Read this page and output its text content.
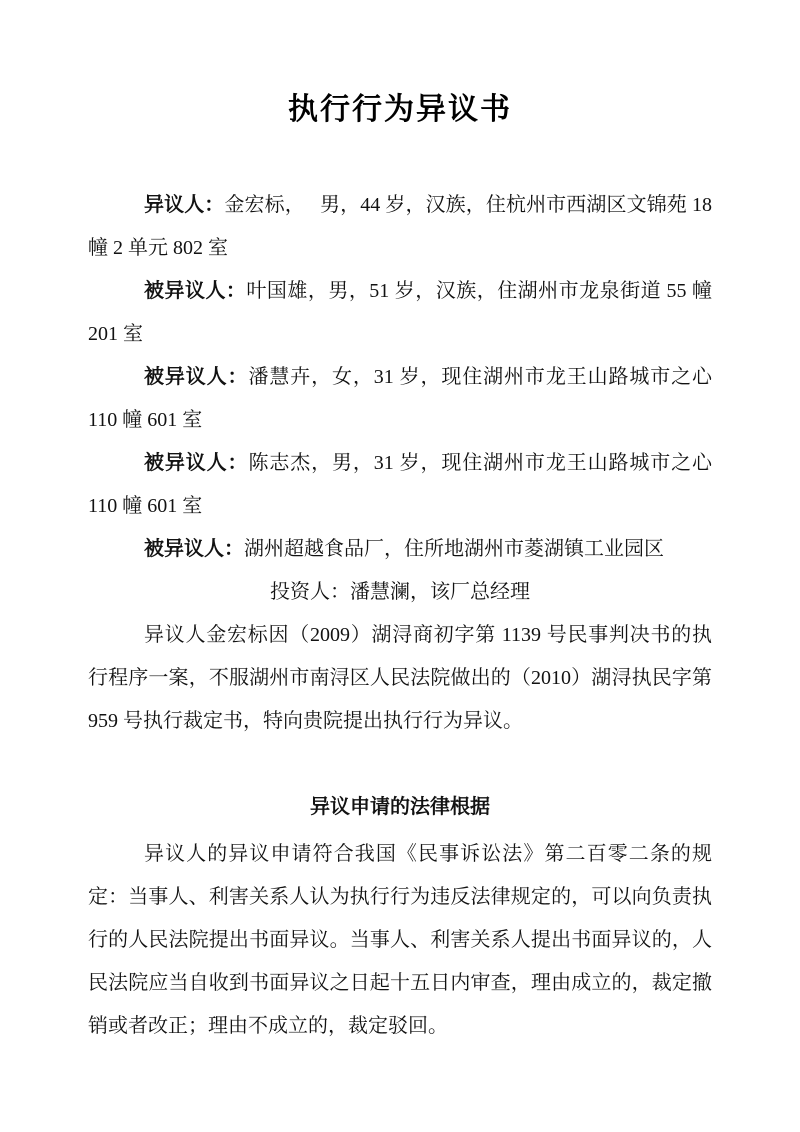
执行行为异议书

异议人：金宏标，　 男，44 岁，汉族，住杭州市西湖区文锦苑 18 幢 2 单元 802 室

被异议人：叶国雄，男，51 岁，汉族，住湖州市龙泉街道 55 幢 201 室

被异议人：潘慧卉，女，31 岁，现住湖州市龙王山路城市之心 110 幢 601 室

被异议人：陈志杰，男，31 岁，现住湖州市龙王山路城市之心 110 幢 601 室

被异议人：湖州超越食品厂，住所地湖州市菱湖镇工业园区

投资人：潘慧澜，该厂总经理

异议人金宏标因（2009）湖浔商初字第 1139 号民事判决书的执行程序一案，不服湖州市南浔区人民法院做出的（2010）湖浔执民字第 959 号执行裁定书，特向贵院提出执行行为异议。

异议申请的法律根据

异议人的异议申请符合我国《民事诉讼法》第二百零二条的规定：当事人、利害关系人认为执行行为违反法律规定的，可以向负责执行的人民法院提出书面异议。当事人、利害关系人提出书面异议的，人民法院应当自收到书面异议之日起十五日内审查，理由成立的，裁定撤销或者改正；理由不成立的，裁定驳回。
